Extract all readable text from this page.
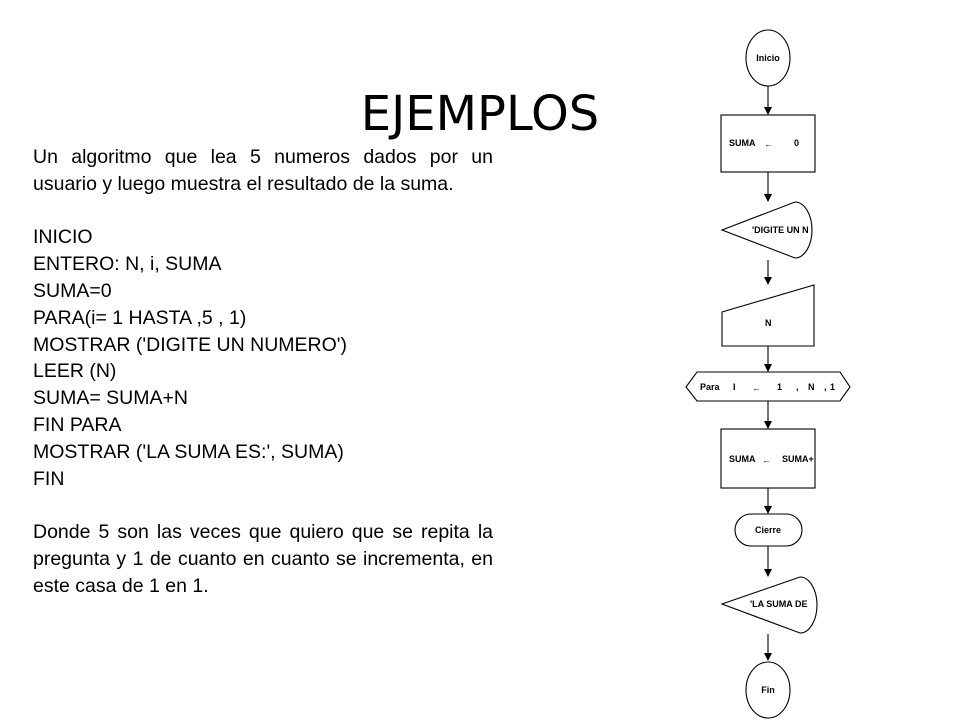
EJEMPLOS

Un algoritmo que lea 5 numeros dados por un usuario y luego muestra el resultado de la suma.

INICIO

ENTERO: N, i, SUMA

SUMA=0

PARA(i= 1 HASTA ,5 , 1)

MOSTRAR ('DIGITE UN NUMERO')

LEER (N)

SUMA= SUMA+N

FIN PARA

MOSTRAR ('LA SUMA ES:', SUMA)

FIN

Donde 5 son las veces que quiero que se repita la pregunta y 1 de cuanto en cuanto se incrementa, en este casa de 1 en 1.

Inicio
SUMA ← 0
'DIGITE UN N
N
Para I ← 1 , N , 1
SUMA ← SUMA+
Cierre
'LA SUMA DE
Fin
